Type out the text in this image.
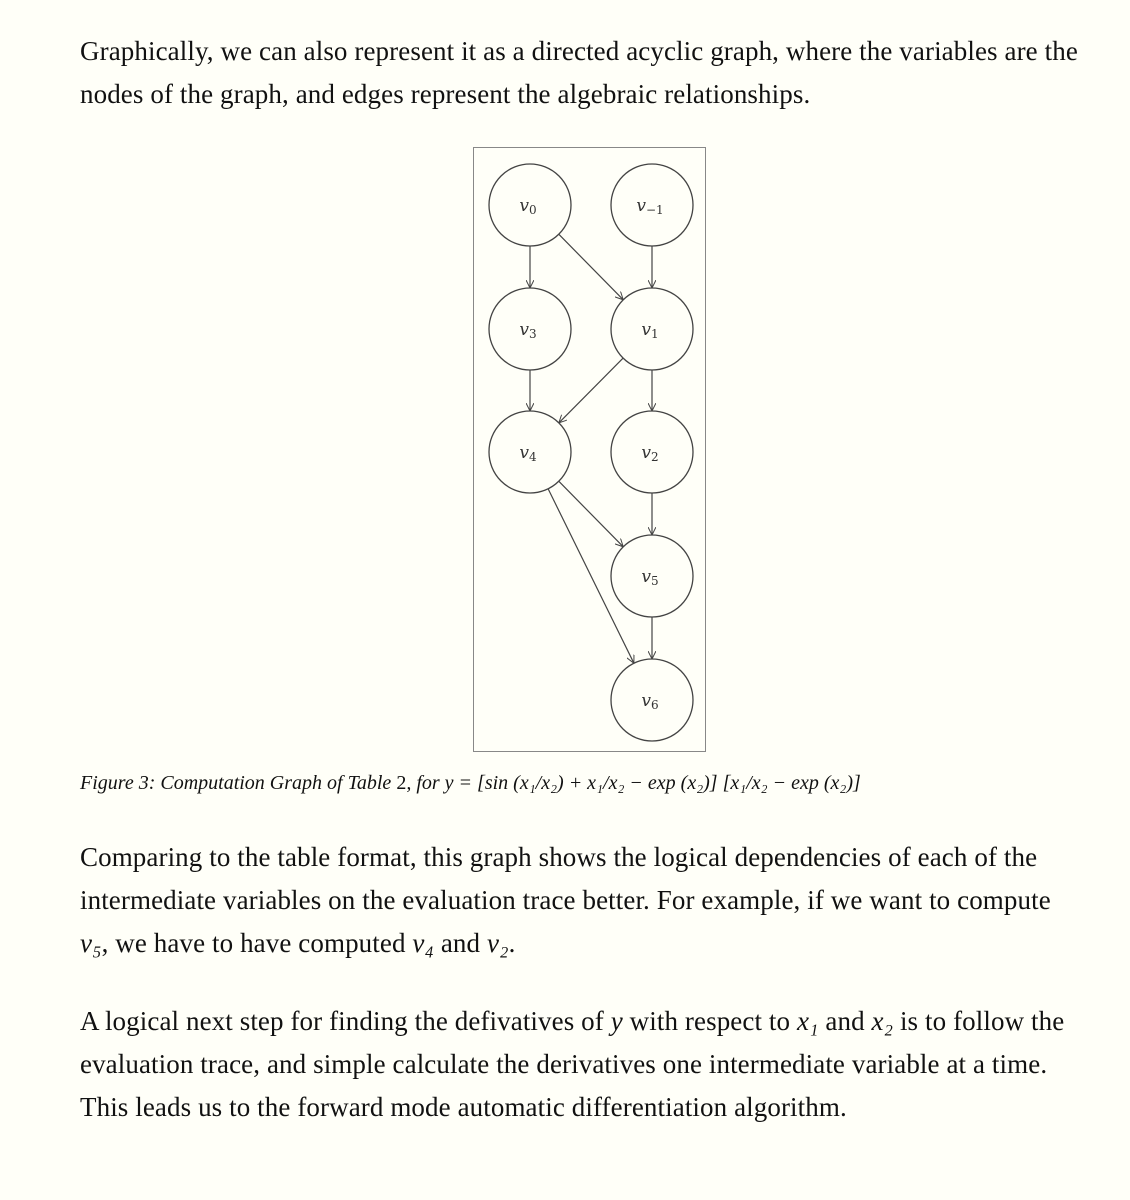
Graphically, we can also represent it as a directed acyclic graph, where the variables are the nodes of the graph, and edges represent the algebraic relationships.

v0	v−1
v3	v1
v4	v2
v5
v6
Figure 3: Computation Graph of Table 2, for y = [sin (x₁/x₂) + x₁/x₂ − exp (x₂)] [x₁/x₂ − exp (x₂)]

Comparing to the table format, this graph shows the logical dependencies of each of the intermediate variables on the evaluation trace better. For example, if we want to compute v₅, we have to have computed v₄ and v₂.

A logical next step for finding the defivatives of y with respect to x₁ and x₂ is to follow the evaluation trace, and simple calculate the derivatives one intermediate variable at a time. This leads us to the forward mode automatic differentiation algorithm.
